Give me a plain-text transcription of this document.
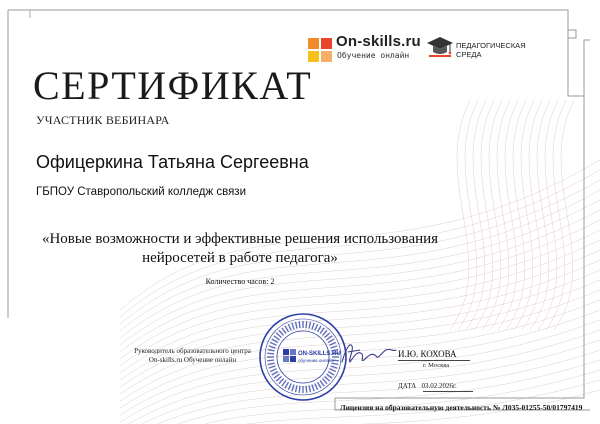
On-skills.ru
Обучение онлайн
ПЕДАГОГИЧЕСКАЯ
СРЕДА
СЕРТИФИКАТ
УЧАСТНИК ВЕБИНАРА
Офицеркина Татьяна Сергеевна
ГБПОУ Ставропольский колледж связи
«Новые возможности и эффективные решения использования
нейросетей в работе педагога»
Количество часов: 2
Руководитель образовательного центра
On-skills.ru Обучение онлайн
ON-SKILLS.RU
обучение онлайн
И.Ю. КОХОВА
г. Москва
ДАТА 03.02.2026г.
Лицензия на образовательную деятельность № Л035-01255-50/01797419
